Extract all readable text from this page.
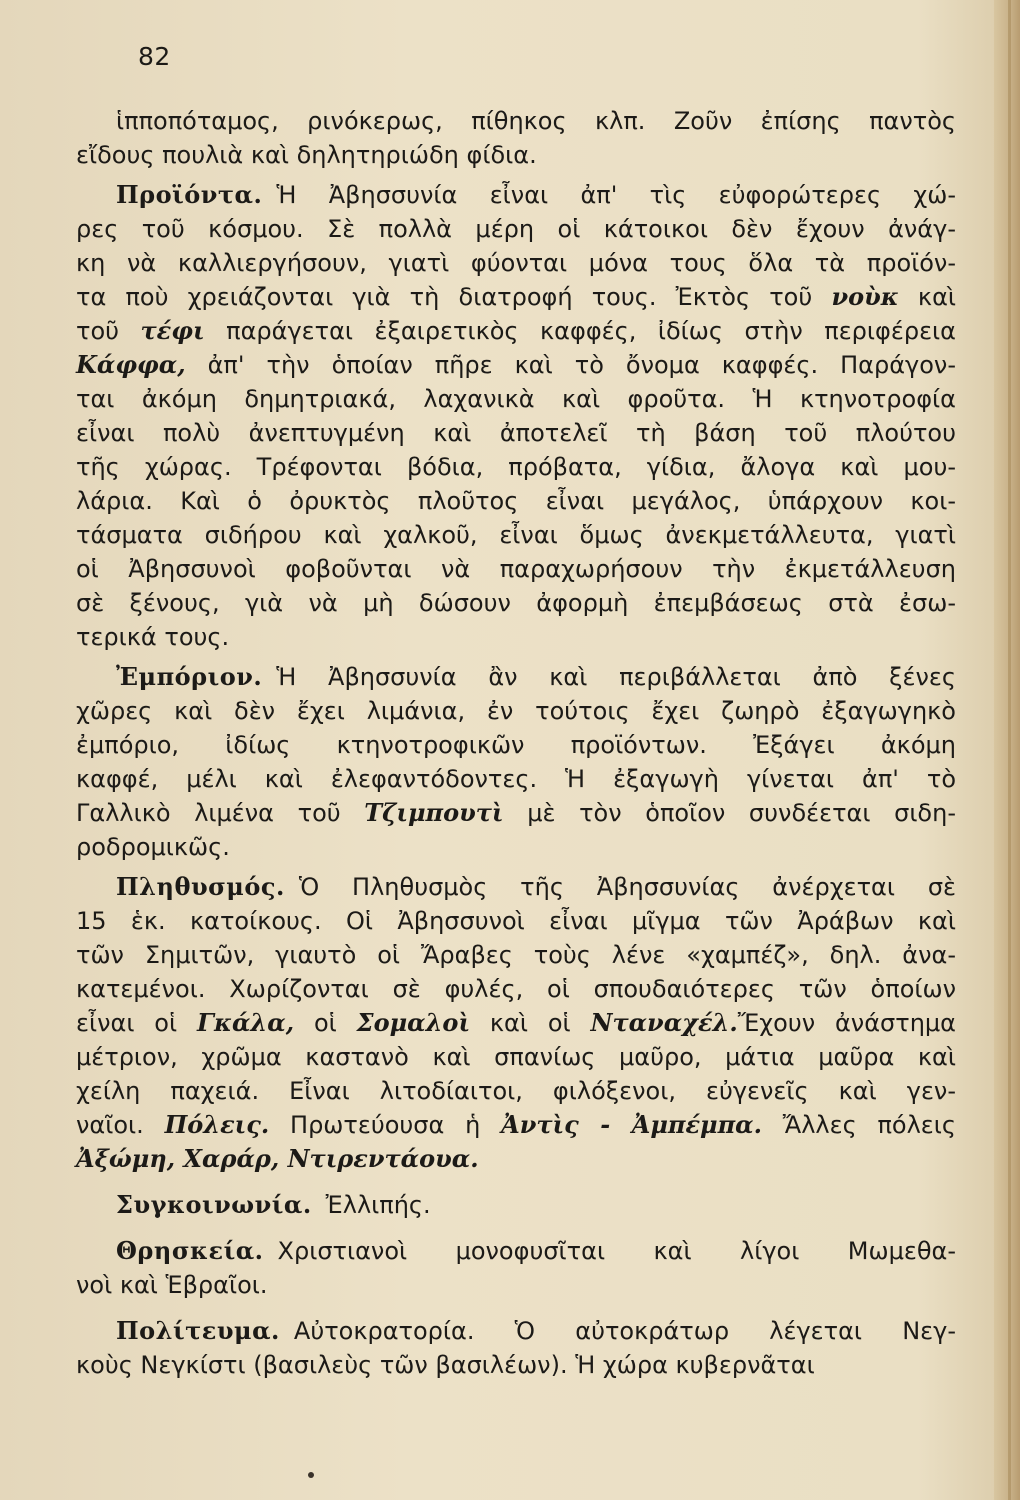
82
ἱπποπόταμος, ρινόκερως, πίθηκος κλπ. Ζοῦν ἐπίσης παντὸς
εἴδους πουλιὰ καὶ δηλητηριώδη φίδια.
Προϊόντα. Ἡ Ἀβησσυνία εἶναι ἀπ' τὶς εὐφορώτερες χώ-
ρες τοῦ κόσμου. Σὲ πολλὰ μέρη οἱ κάτοικοι δὲν ἔχουν ἀνάγ-
κη νὰ καλλιεργήσουν, γιατὶ φύονται μόνα τους ὅλα τὰ προϊόν-
τα ποὺ χρειάζονται γιὰ τὴ διατροφή τους. Ἐκτὸς τοῦ νοὺκ καὶ
τοῦ τέφι παράγεται ἐξαιρετικὸς καφφές, ἰδίως στὴν περιφέρεια
Κάφφα, ἀπ' τὴν ὁποίαν πῆρε καὶ τὸ ὄνομα καφφές. Παράγον-
ται ἀκόμη δημητριακά, λαχανικὰ καὶ φροῦτα. Ἡ κτηνοτροφία
εἶναι πολὺ ἀνεπτυγμένη καὶ ἀποτελεῖ τὴ βάση τοῦ πλούτου
τῆς χώρας. Τρέφονται βόδια, πρόβατα, γίδια, ἄλογα καὶ μου-
λάρια. Καὶ ὁ ὀρυκτὸς πλοῦτος εἶναι μεγάλος, ὑπάρχουν κοι-
τάσματα σιδήρου καὶ χαλκοῦ, εἶναι ὅμως ἀνεκμετάλλευτα, γιατὶ
οἱ Ἀβησσυνοὶ φοβοῦνται νὰ παραχωρήσουν τὴν ἐκμετάλλευση
σὲ ξένους, γιὰ νὰ μὴ δώσουν ἀφορμὴ ἐπεμβάσεως στὰ ἐσω-
τερικά τους.
Ἐμπόριον. Ἡ Ἀβησσυνία ἂν καὶ περιβάλλεται ἀπὸ ξένες
χῶρες καὶ δὲν ἔχει λιμάνια, ἐν τούτοις ἔχει ζωηρὸ ἐξαγωγηκὸ
ἐμπόριο, ἰδίως κτηνοτροφικῶν προϊόντων. Ἐξάγει ἀκόμη
καφφέ, μέλι καὶ ἐλεφαντόδοντες. Ἡ ἐξαγωγὴ γίνεται ἀπ' τὸ
Γαλλικὸ λιμένα τοῦ Τζιμπουτὶ μὲ τὸν ὁποῖον συνδέεται σιδη-
ροδρομικῶς.
Πληθυσμός. Ὁ Πληθυσμὸς τῆς Ἀβησσυνίας ἀνέρχεται σὲ
15 ἑκ. κατοίκους. Οἱ Ἀβησσυνοὶ εἶναι μῖγμα τῶν Ἀράβων καὶ
τῶν Σημιτῶν, γιαυτὸ οἱ Ἄραβες τοὺς λένε «χαμπέζ», δηλ. ἀνα-
κατεμένοι. Χωρίζονται σὲ φυλές, οἱ σπουδαιότερες τῶν ὁποίων
εἶναι οἱ Γκάλα, οἱ Σομαλοὶ καὶ οἱ Νταναχέλ.Ἔχουν ἀνάστημα
μέτριον, χρῶμα καστανὸ καὶ σπανίως μαῦρο, μάτια μαῦρα καὶ
χείλη παχειά. Εἶναι λιτοδίαιτοι, φιλόξενοι, εὐγενεῖς καὶ γεν-
ναῖοι. Πόλεις. Πρωτεύουσα ἡ Ἀντὶς - Ἀμπέμπα. Ἄλλες πόλεις
Ἀξώμη, Χαράρ, Ντιρεντάουα.
Συγκοινωνία. Ἐλλιπής.
Θρησκεία. Χριστιανοὶ μονοφυσῖται καὶ λίγοι Μωμεθα-
νοὶ καὶ Ἑβραῖοι.
Πολίτευμα. Αὐτοκρατορία. Ὁ αὐτοκράτωρ λέγεται Νεγ-
κοὺς Νεγκίστι (βασιλεὺς τῶν βασιλέων). Ἡ χώρα κυβερνᾶται
